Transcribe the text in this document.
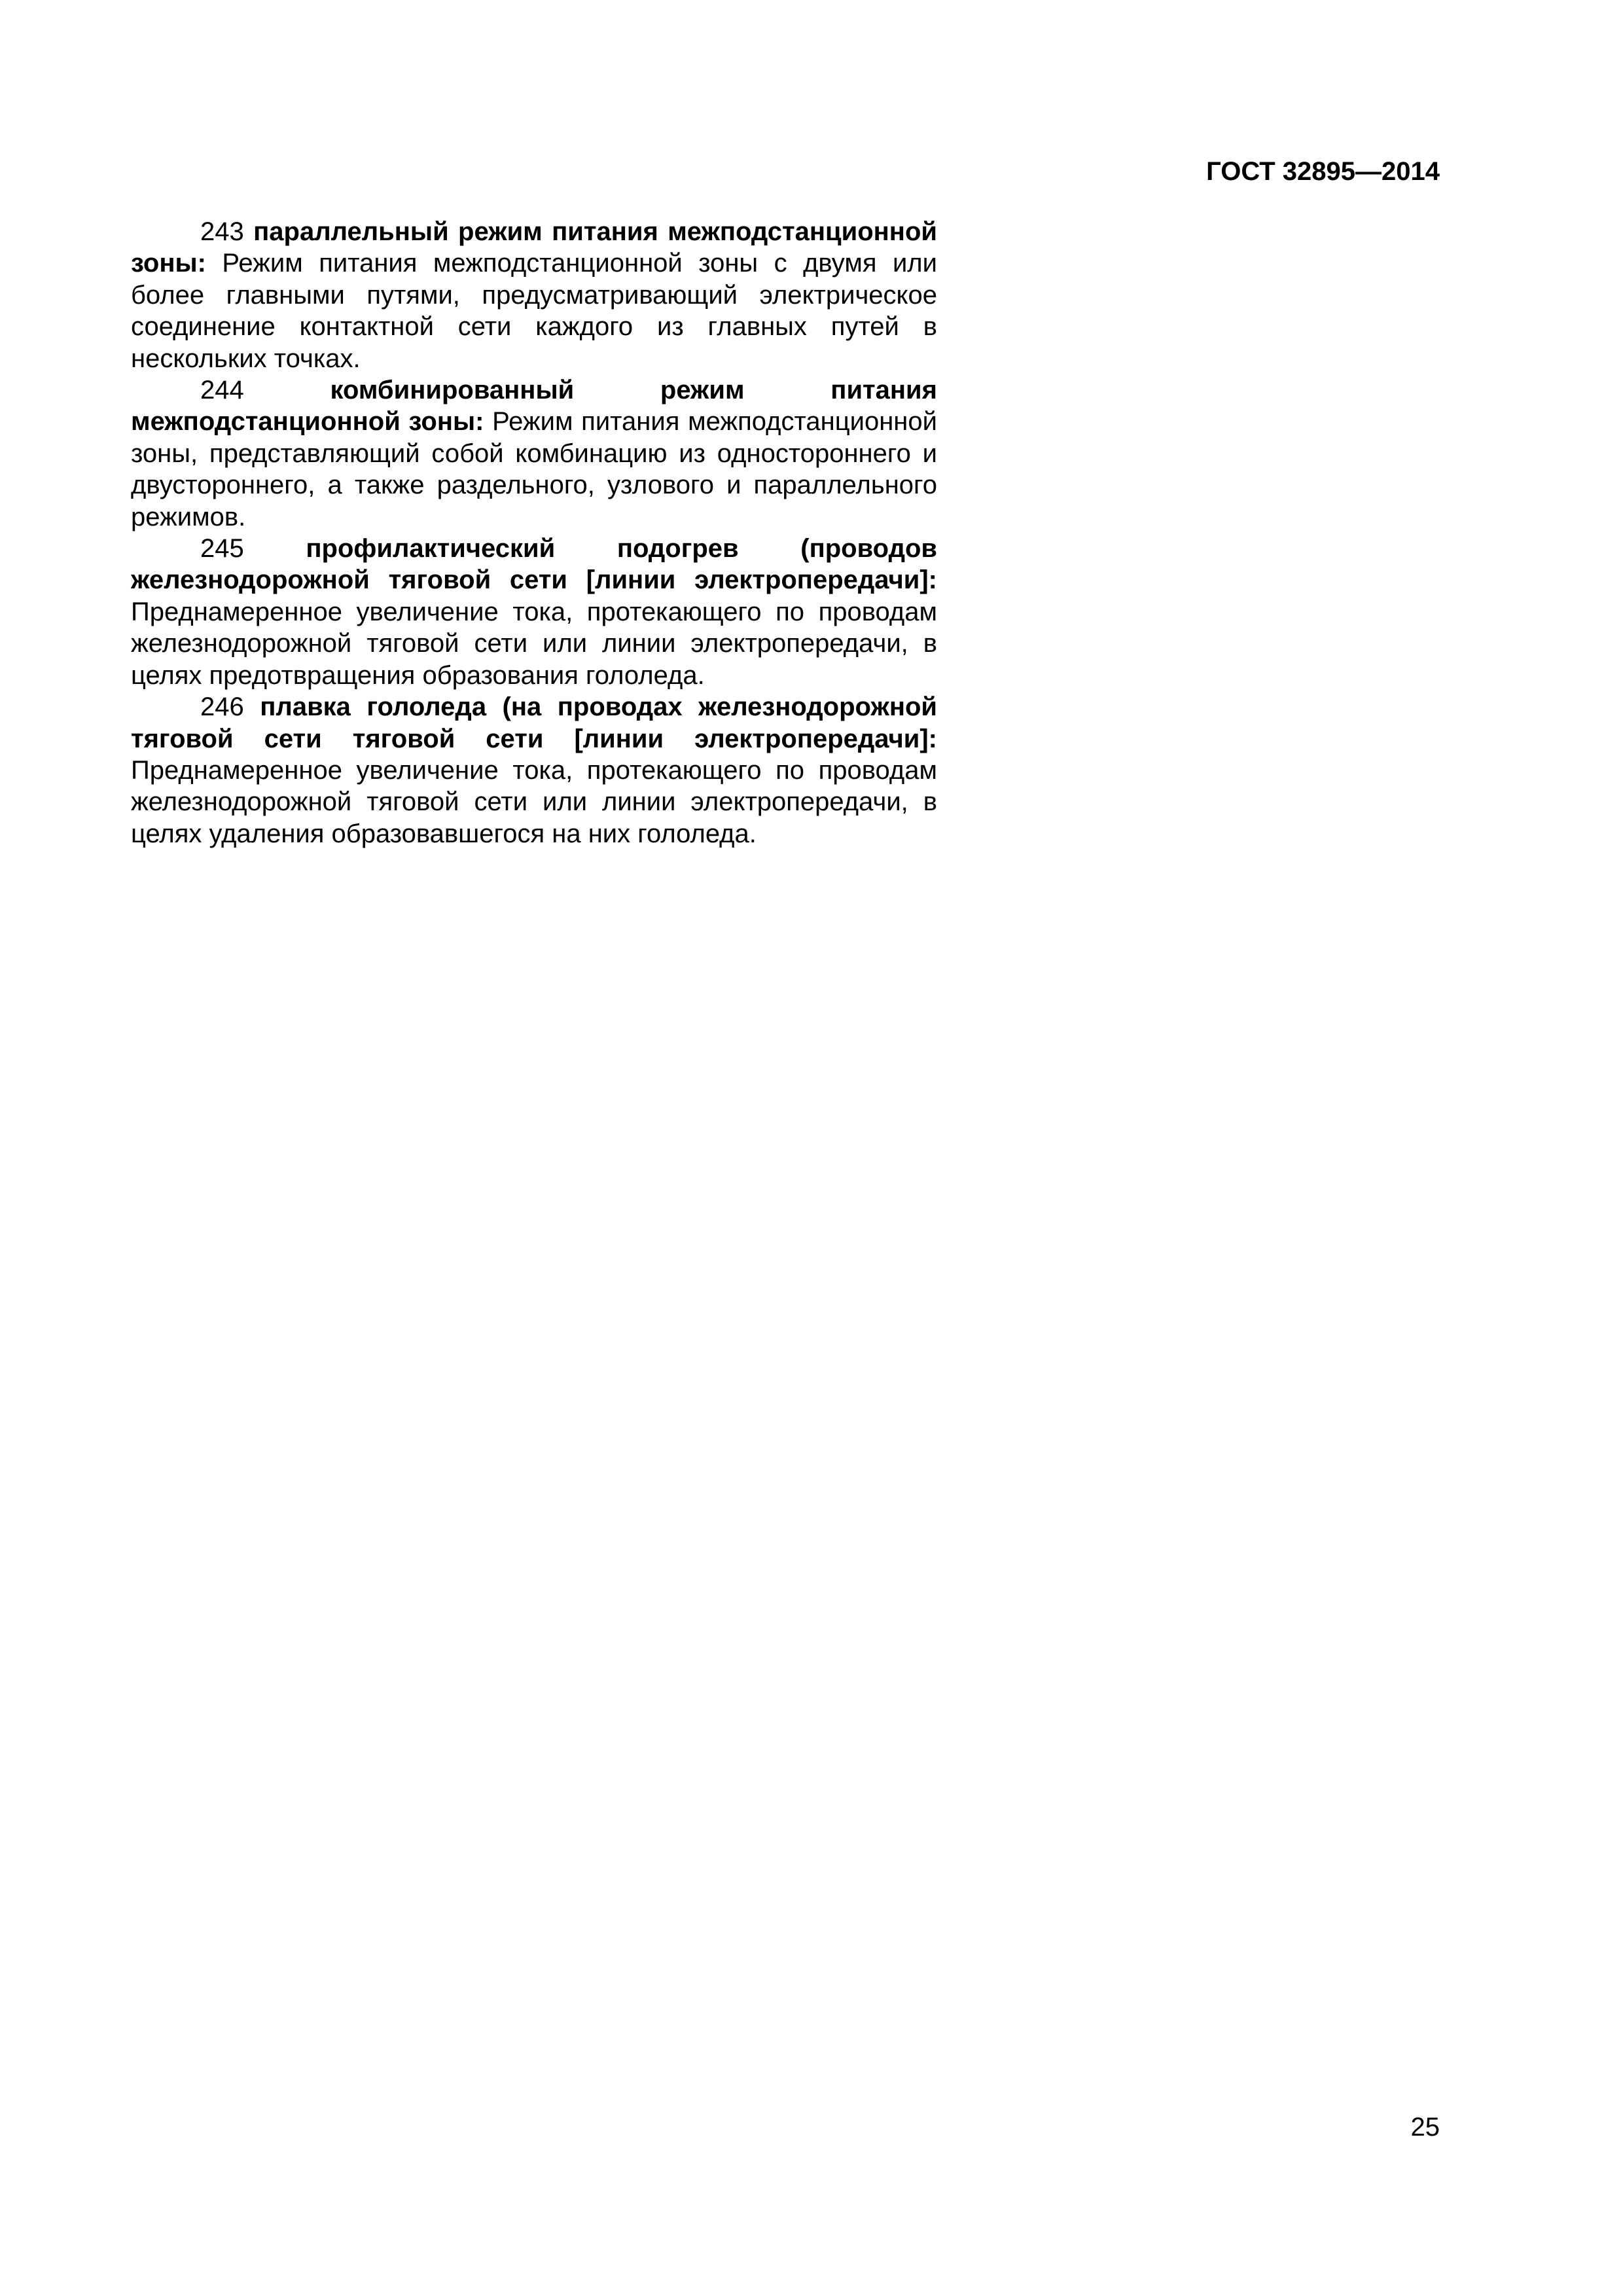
ГОСТ 32895—2014

243 параллельный режим питания межподстанционной зоны: Режим питания межподстанционной зоны с двумя или более главными путями, предусматривающий электрическое соединение контактной сети каждого из главных путей в нескольких точках.

244	комбинированный режим питания межподстанционной зоны: Режим питания межподстанционной зоны, представляющий собой комбинацию из одностороннего и двустороннего, а также раздельного, узлового и параллельного режимов.

245 профилактический подогрев (проводов железнодорожной тяговой сети [линии электропередачи]: Преднамеренное увеличение тока, протекающего по проводам железнодорожной тяговой сети или линии электропередачи, в целях предотвращения образования гололеда.

246 плавка гололеда (на проводах железнодорожной тяговой сети тяговой сети [линии электропередачи]: Преднамеренное увеличение тока, протекающего по проводам железнодорожной тяговой сети или линии электропередачи, в целях удаления образовавшегося на них гололеда.

25
